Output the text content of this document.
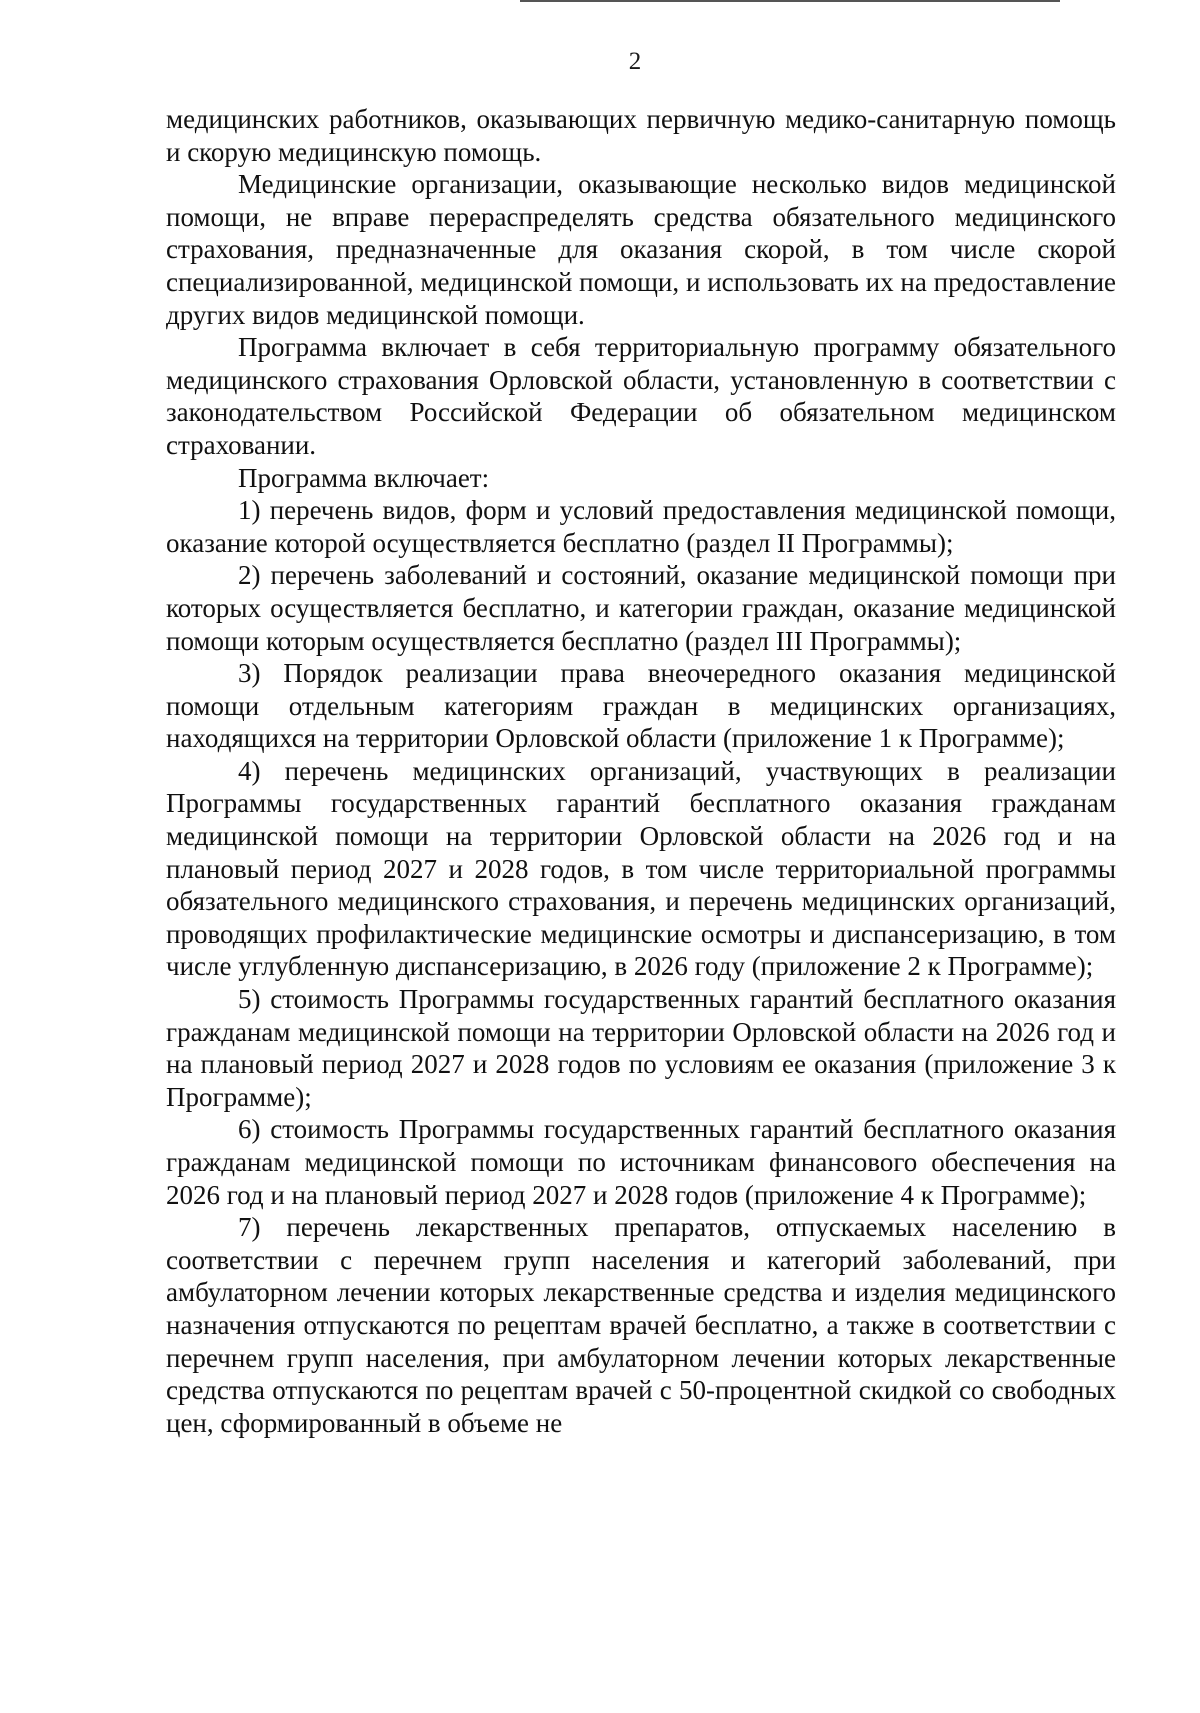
2

медицинских работников, оказывающих первичную медико-санитарную помощь и скорую медицинскую помощь.

Медицинские организации, оказывающие несколько видов медицинской помощи, не вправе перераспределять средства обязательного медицинского страхования, предназначенные для оказания скорой, в том числе скорой специализированной, медицинской помощи, и использовать их на предоставление других видов медицинской помощи.

Программа включает в себя территориальную программу обязательного медицинского страхования Орловской области, установленную в соответствии с законодательством Российской Федерации об обязательном медицинском страховании.

Программа включает:

1) перечень видов, форм и условий предоставления медицинской помощи, оказание которой осуществляется бесплатно (раздел II Программы);

2) перечень заболеваний и состояний, оказание медицинской помощи при которых осуществляется бесплатно, и категории граждан, оказание медицинской помощи которым осуществляется бесплатно (раздел III Программы);

3) Порядок реализации права внеочередного оказания медицинской помощи отдельным категориям граждан в медицинских организациях, находящихся на территории Орловской области (приложение 1 к Программе);

4) перечень медицинских организаций, участвующих в реализации Программы государственных гарантий бесплатного оказания гражданам медицинской помощи на территории Орловской области на 2026 год и на плановый период 2027 и 2028 годов, в том числе территориальной программы обязательного медицинского страхования, и перечень медицинских организаций, проводящих профилактические медицинские осмотры и диспансеризацию, в том числе углубленную диспансеризацию, в 2026 году (приложение 2 к Программе);

5) стоимость Программы государственных гарантий бесплатного оказания гражданам медицинской помощи на территории Орловской области на 2026 год и на плановый период 2027 и 2028 годов по условиям ее оказания (приложение 3 к Программе);

6) стоимость Программы государственных гарантий бесплатного оказания гражданам медицинской помощи по источникам финансового обеспечения на 2026 год и на плановый период 2027 и 2028 годов (приложение 4 к Программе);

7) перечень лекарственных препаратов, отпускаемых населению в соответствии с перечнем групп населения и категорий заболеваний, при амбулаторном лечении которых лекарственные средства и изделия медицинского назначения отпускаются по рецептам врачей бесплатно, а также в соответствии с перечнем групп населения, при амбулаторном лечении которых лекарственные средства отпускаются по рецептам врачей с 50-процентной скидкой со свободных цен, сформированный в объеме не
